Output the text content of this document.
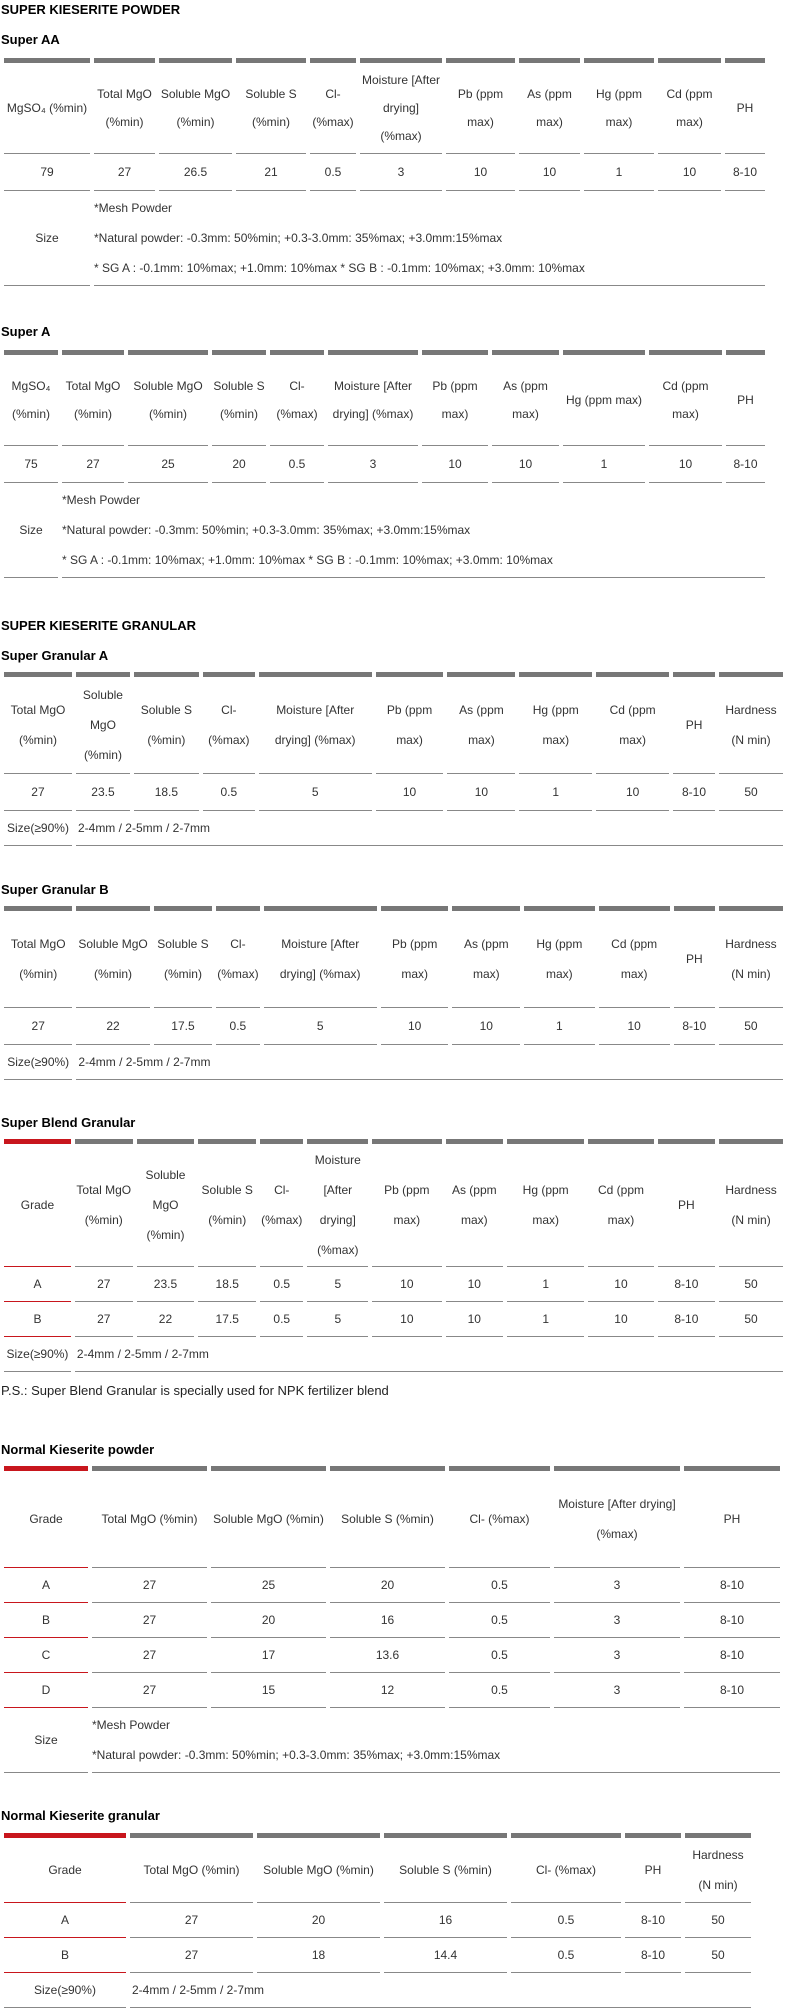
SUPER KIESERITE POWDER
Super AA
MgSO₄ (%min)	Total MgO (%min)	Soluble MgO (%min)	Soluble S (%min)	Cl- (%max)	Moisture [After drying] (%max)	Pb (ppm max)	As (ppm max)	Hg (ppm max)	Cd (ppm max)	PH
79	27	26.5	21	0.5	3	10	10	1	10	8-10
Size	*Mesh Powder
*Natural powder: -0.3mm: 50%min; +0.3-3.0mm: 35%max; +3.0mm:15%max
* SG A : -0.1mm: 10%max; +1.0mm: 10%max * SG B : -0.1mm: 10%max; +3.0mm: 10%max									
Super A
MgSO₄ (%min)	Total MgO (%min)	Soluble MgO (%min)	Soluble S (%min)	Cl- (%max)	Moisture [After drying] (%max)	Pb (ppm max)	As (ppm max)	Hg (ppm max)	Cd (ppm max)	PH
75	27	25	20	0.5	3	10	10	1	10	8-10
Size	*Mesh Powder
*Natural powder: -0.3mm: 50%min; +0.3-3.0mm: 35%max; +3.0mm:15%max
* SG A : -0.1mm: 10%max; +1.0mm: 10%max * SG B : -0.1mm: 10%max; +3.0mm: 10%max									
SUPER KIESERITE GRANULAR
Super Granular A
Total MgO (%min)	Soluble MgO (%min)	Soluble S (%min)	Cl- (%max)	Moisture [After drying] (%max)	Pb (ppm max)	As (ppm max)	Hg (ppm max)	Cd (ppm max)	PH	Hardness (N min)
27	23.5	18.5	0.5	5	10	10	1	10	8-10	50
Size(≥90%)	2-4mm / 2-5mm / 2-7mm									
Super Granular B
Total MgO (%min)	Soluble MgO (%min)	Soluble S (%min)	Cl- (%max)	Moisture [After drying] (%max)	Pb (ppm max)	As (ppm max)	Hg (ppm max)	Cd (ppm max)	PH	Hardness (N min)
27	22	17.5	0.5	5	10	10	1	10	8-10	50
Size(≥90%)	2-4mm / 2-5mm / 2-7mm									
Super Blend Granular
Grade	Total MgO (%min)	Soluble MgO (%min)	Soluble S (%min)	Cl- (%max)	Moisture [After drying] (%max)	Pb (ppm max)	As (ppm max)	Hg (ppm max)	Cd (ppm max)	PH	Hardness (N min)
A	27	23.5	18.5	0.5	5	10	10	1	10	8-10	50
B	27	22	17.5	0.5	5	10	10	1	10	8-10	50
Size(≥90%)	2-4mm / 2-5mm / 2-7mm										
P.S.: Super Blend Granular is specially used for NPK fertilizer blend
Normal Kieserite powder
Grade	Total MgO (%min)	Soluble MgO (%min)	Soluble S (%min)	Cl- (%max)	Moisture [After drying] (%max)	PH
A	27	25	20	0.5	3	8-10
B	27	20	16	0.5	3	8-10
C	27	17	13.6	0.5	3	8-10
D	27	15	12	0.5	3	8-10
Size	*Mesh Powder
*Natural powder: -0.3mm: 50%min; +0.3-3.0mm: 35%max; +3.0mm:15%max					
Normal Kieserite granular
Grade	Total MgO (%min)	Soluble MgO (%min)	Soluble S (%min)	Cl- (%max)	PH	Hardness (N min)
A	27	20	16	0.5	8-10	50
B	27	18	14.4	0.5	8-10	50
Size(≥90%)	2-4mm / 2-5mm / 2-7mm					
